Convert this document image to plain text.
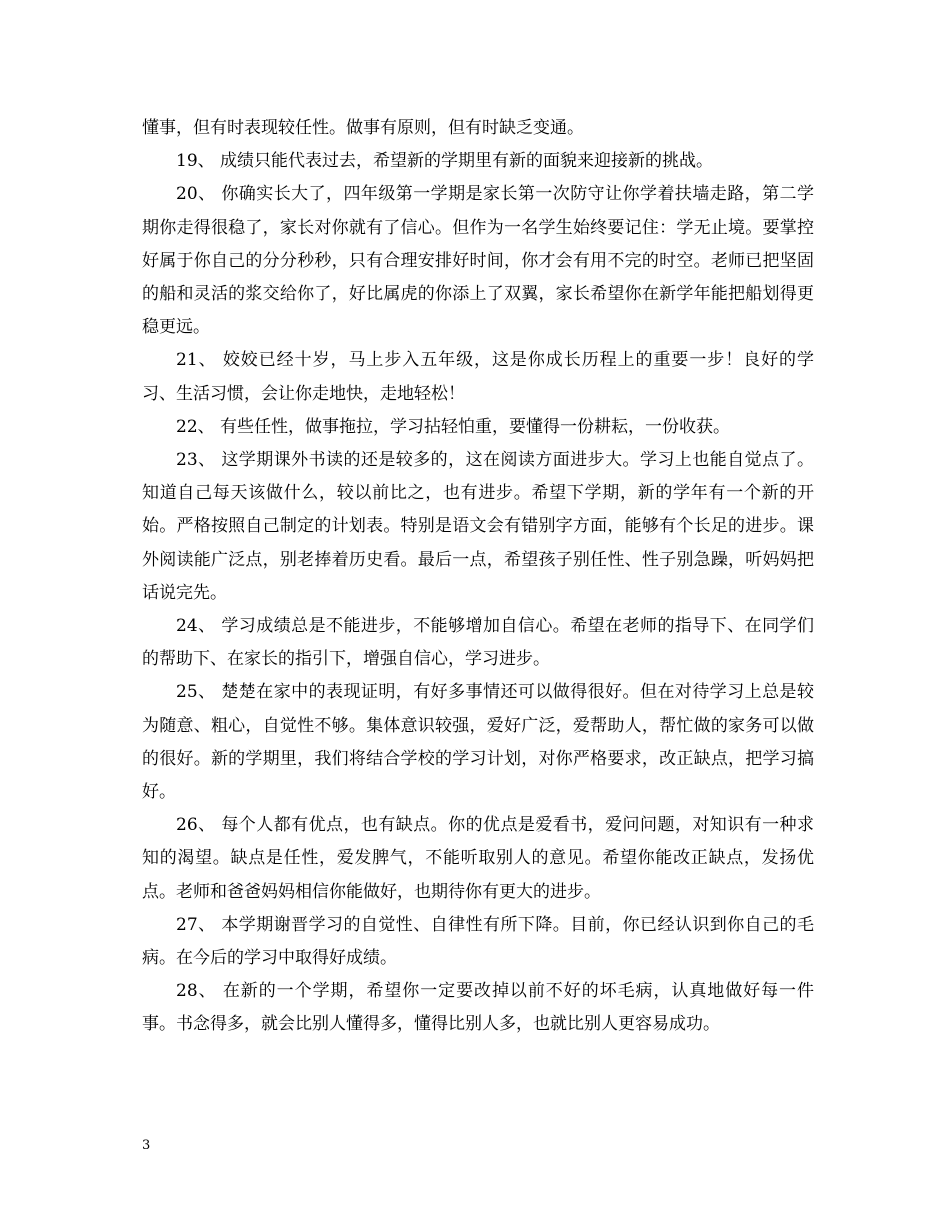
懂事，但有时表现较任性。做事有原则，但有时缺乏变通。

19、 成绩只能代表过去，希望新的学期里有新的面貌来迎接新的挑战。

20、 你确实长大了，四年级第一学期是家长第一次防守让你学着扶墙走路，第二学期你走得很稳了，家长对你就有了信心。但作为一名学生始终要记住：学无止境。要掌控好属于你自己的分分秒秒，只有合理安排好时间，你才会有用不完的时空。老师已把坚固的船和灵活的浆交给你了，好比属虎的你添上了双翼，家长希望你在新学年能把船划得更稳更远。

21、 姣姣已经十岁，马上步入五年级，这是你成长历程上的重要一步！良好的学习、生活习惯，会让你走地快，走地轻松！

22、 有些任性，做事拖拉，学习拈轻怕重，要懂得一份耕耘，一份收获。

23、 这学期课外书读的还是较多的，这在阅读方面进步大。学习上也能自觉点了。知道自己每天该做什么，较以前比之，也有进步。希望下学期，新的学年有一个新的开始。严格按照自己制定的计划表。特别是语文会有错别字方面，能够有个长足的进步。课外阅读能广泛点，别老捧着历史看。最后一点，希望孩子别任性、性子别急躁，听妈妈把话说完先。

24、 学习成绩总是不能进步，不能够增加自信心。希望在老师的指导下、在同学们的帮助下、在家长的指引下，增强自信心，学习进步。

25、 楚楚在家中的表现证明，有好多事情还可以做得很好。但在对待学习上总是较为随意、粗心，自觉性不够。集体意识较强，爱好广泛，爱帮助人，帮忙做的家务可以做的很好。新的学期里，我们将结合学校的学习计划，对你严格要求，改正缺点，把学习搞好。

26、 每个人都有优点，也有缺点。你的优点是爱看书，爱问问题，对知识有一种求知的渴望。缺点是任性，爱发脾气，不能听取别人的意见。希望你能改正缺点，发扬优点。老师和爸爸妈妈相信你能做好，也期待你有更大的进步。

27、 本学期谢晋学习的自觉性、自律性有所下降。目前，你已经认识到你自己的毛病。在今后的学习中取得好成绩。

28、 在新的一个学期，希望你一定要改掉以前不好的坏毛病，认真地做好每一件事。书念得多，就会比别人懂得多，懂得比别人多，也就比别人更容易成功。

3
